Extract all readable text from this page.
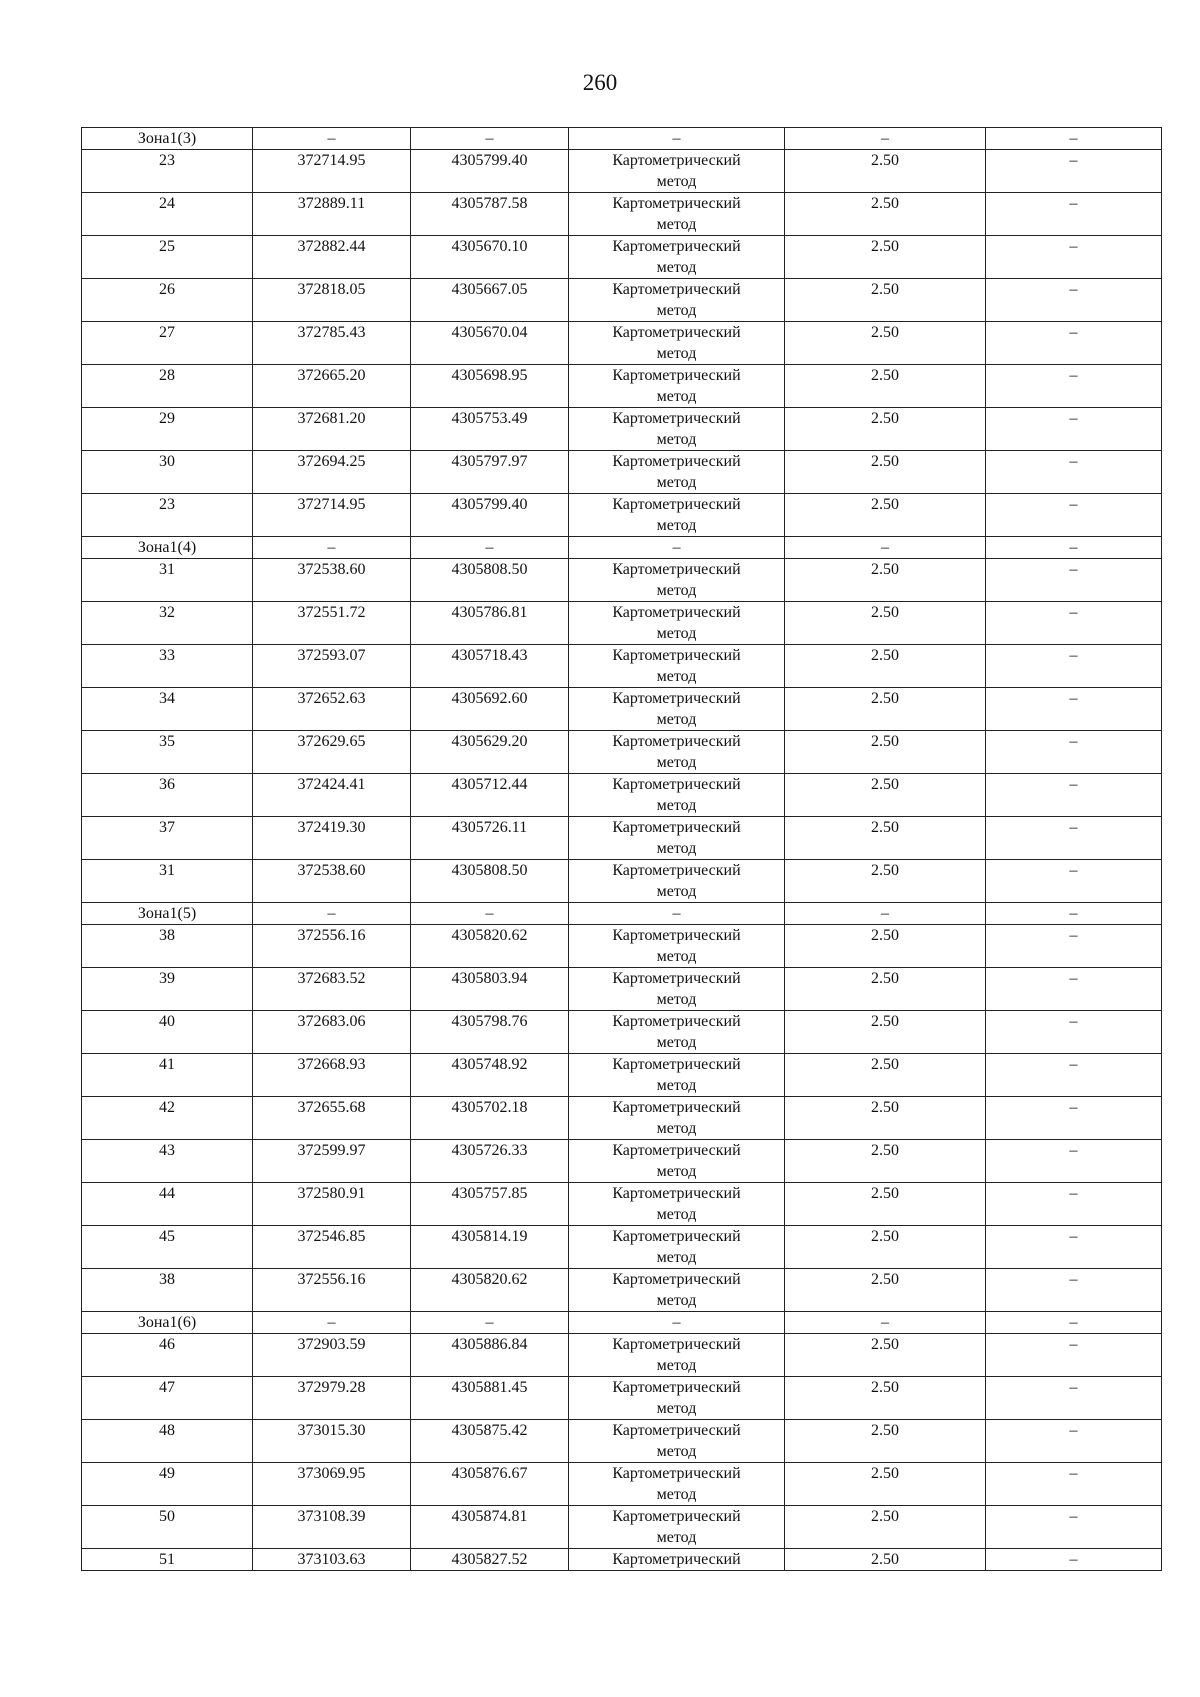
260
Зона1(3)	–	–	–	–	–
23	372714.95	4305799.40	Картометрический
метод	2.50	–
24	372889.11	4305787.58	Картометрический
метод	2.50	–
25	372882.44	4305670.10	Картометрический
метод	2.50	–
26	372818.05	4305667.05	Картометрический
метод	2.50	–
27	372785.43	4305670.04	Картометрический
метод	2.50	–
28	372665.20	4305698.95	Картометрический
метод	2.50	–
29	372681.20	4305753.49	Картометрический
метод	2.50	–
30	372694.25	4305797.97	Картометрический
метод	2.50	–
23	372714.95	4305799.40	Картометрический
метод	2.50	–
Зона1(4)	–	–	–	–	–
31	372538.60	4305808.50	Картометрический
метод	2.50	–
32	372551.72	4305786.81	Картометрический
метод	2.50	–
33	372593.07	4305718.43	Картометрический
метод	2.50	–
34	372652.63	4305692.60	Картометрический
метод	2.50	–
35	372629.65	4305629.20	Картометрический
метод	2.50	–
36	372424.41	4305712.44	Картометрический
метод	2.50	–
37	372419.30	4305726.11	Картометрический
метод	2.50	–
31	372538.60	4305808.50	Картометрический
метод	2.50	–
Зона1(5)	–	–	–	–	–
38	372556.16	4305820.62	Картометрический
метод	2.50	–
39	372683.52	4305803.94	Картометрический
метод	2.50	–
40	372683.06	4305798.76	Картометрический
метод	2.50	–
41	372668.93	4305748.92	Картометрический
метод	2.50	–
42	372655.68	4305702.18	Картометрический
метод	2.50	–
43	372599.97	4305726.33	Картометрический
метод	2.50	–
44	372580.91	4305757.85	Картометрический
метод	2.50	–
45	372546.85	4305814.19	Картометрический
метод	2.50	–
38	372556.16	4305820.62	Картометрический
метод	2.50	–
Зона1(6)	–	–	–	–	–
46	372903.59	4305886.84	Картометрический
метод	2.50	–
47	372979.28	4305881.45	Картометрический
метод	2.50	–
48	373015.30	4305875.42	Картометрический
метод	2.50	–
49	373069.95	4305876.67	Картометрический
метод	2.50	–
50	373108.39	4305874.81	Картометрический
метод	2.50	–
51	373103.63	4305827.52	Картометрический	2.50	–
